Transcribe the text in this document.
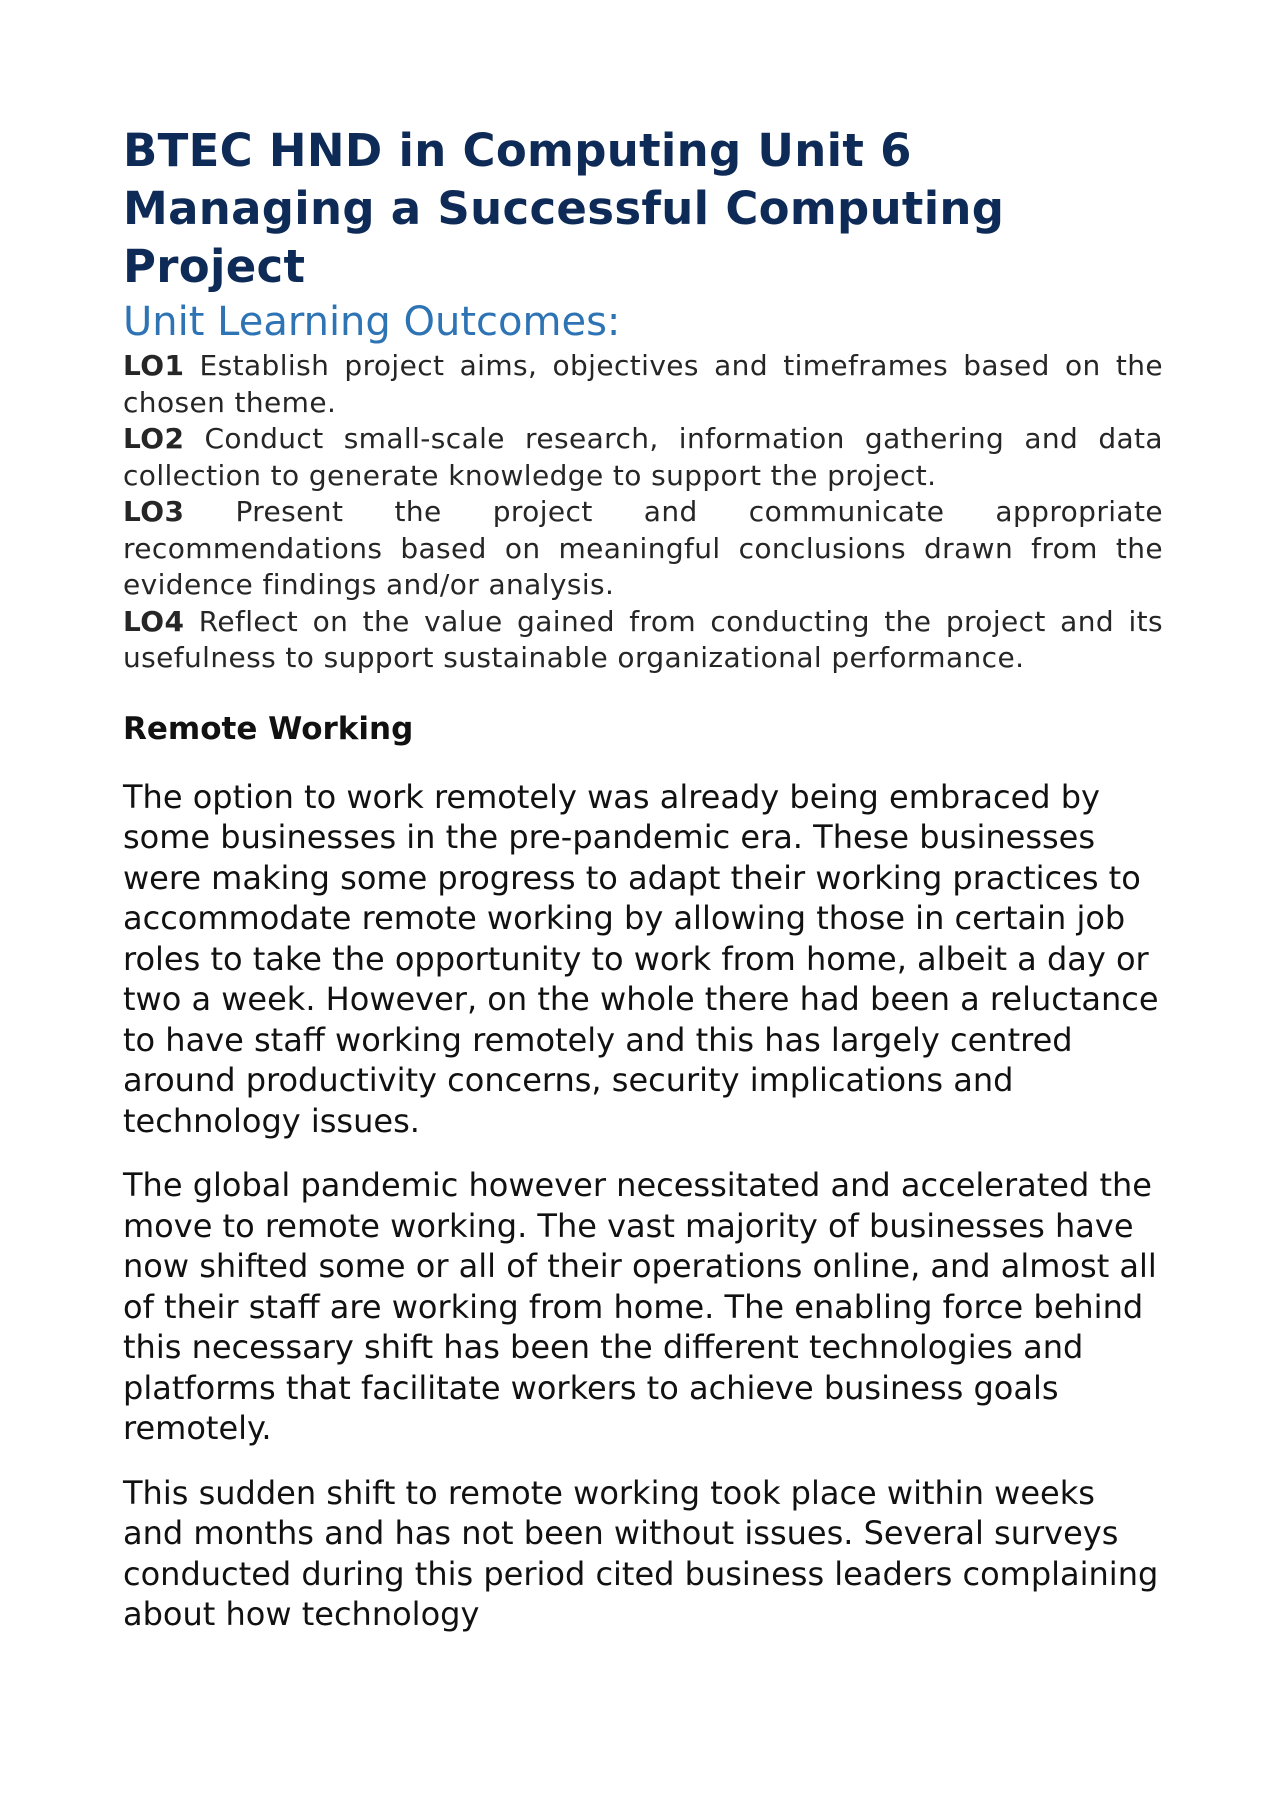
BTEC HND in Computing Unit 6
Managing a Successful Computing
Project
Unit Learning Outcomes:
LO1 Establish project aims, objectives and timeframes based on the chosen theme.
LO2 Conduct small-scale research, information gathering and data collection to generate knowledge to support the project.
LO3 Present the project and communicate appropriate recommendations based on meaningful conclusions drawn from the evidence findings and/or analysis.
LO4 Reflect on the value gained from conducting the project and its usefulness to support sustainable organizational performance.
Remote Working

The option to work remotely was already being embraced by some businesses in the pre-pandemic era. These businesses were making some progress to adapt their working practices to accommodate remote working by allowing those in certain job roles to take the opportunity to work from home, albeit a day or two a week. However, on the whole there had been a reluctance to have staff working remotely and this has largely centred around productivity concerns, security implications and technology issues.

The global pandemic however necessitated and accelerated the move to remote working. The vast majority of businesses have now shifted some or all of their operations online, and almost all of their staff are working from home. The enabling force behind this necessary shift has been the different technologies and platforms that facilitate workers to achieve business goals remotely.

This sudden shift to remote working took place within weeks and months and has not been without issues. Several surveys conducted during this period cited business leaders complaining about how technology
